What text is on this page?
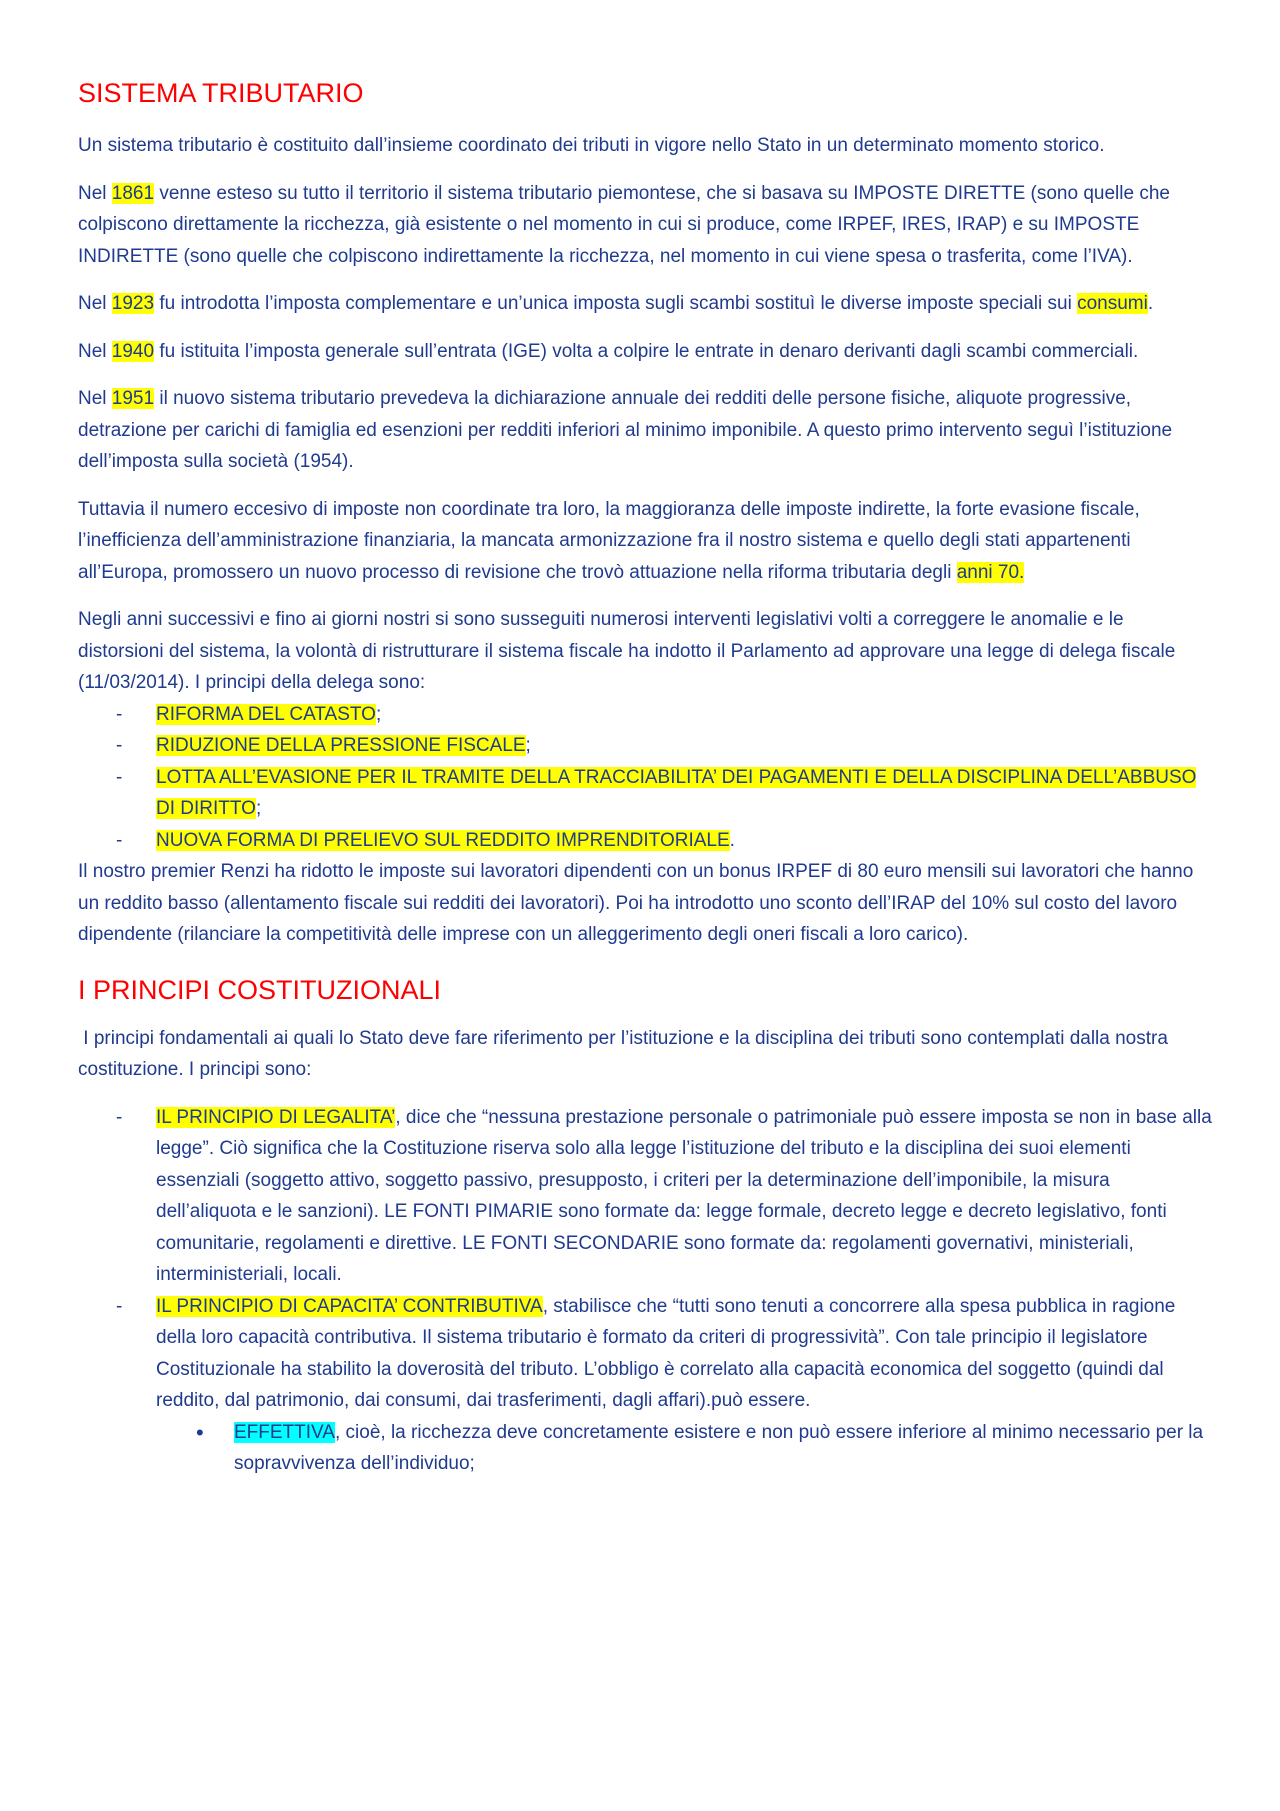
SISTEMA TRIBUTARIO

Un sistema tributario è costituito dall’insieme coordinato dei tributi in vigore nello Stato in un determinato momento storico.

Nel 1861 venne esteso su tutto il territorio il sistema tributario piemontese, che si basava su IMPOSTE DIRETTE (sono quelle che colpiscono direttamente la ricchezza, già esistente o nel momento in cui si produce, come IRPEF, IRES, IRAP) e su IMPOSTE INDIRETTE (sono quelle che colpiscono indirettamente la ricchezza, nel momento in cui viene spesa o trasferita, come l’IVA).

Nel 1923 fu introdotta l’imposta complementare e un’unica imposta sugli scambi sostituì le diverse imposte speciali sui consumi.

Nel 1940 fu istituita l’imposta generale sull’entrata (IGE) volta a colpire le entrate in denaro derivanti dagli scambi commerciali.

Nel 1951 il nuovo sistema tributario prevedeva la dichiarazione annuale dei redditi delle persone fisiche, aliquote progressive, detrazione per carichi di famiglia ed esenzioni per redditi inferiori al minimo imponibile. A questo primo intervento seguì l’istituzione dell’imposta sulla società (1954).

Tuttavia il numero eccesivo di imposte non coordinate tra loro, la maggioranza delle imposte indirette, la forte evasione fiscale, l’inefficienza dell’amministrazione finanziaria, la mancata armonizzazione fra il nostro sistema e quello degli stati appartenenti all’Europa, promossero un nuovo processo di revisione che trovò attuazione nella riforma tributaria degli anni 70.

Negli anni successivi e fino ai giorni nostri si sono susseguiti numerosi interventi legislativi volti a correggere le anomalie e le distorsioni del sistema, la volontà di ristrutturare il sistema fiscale ha indotto il Parlamento ad approvare una legge di delega fiscale (11/03/2014). I principi della delega sono:
- RIFORMA DEL CATASTO;
- RIDUZIONE DELLA PRESSIONE FISCALE;
- LOTTA ALL’EVASIONE PER IL TRAMITE DELLA TRACCIABILITA’ DEI PAGAMENTI E DELLA DISCIPLINA DELL’ABBUSO DI DIRITTO;
- NUOVA FORMA DI PRELIEVO SUL REDDITO IMPRENDITORIALE.

Il nostro premier Renzi ha ridotto le imposte sui lavoratori dipendenti con un bonus IRPEF di 80 euro mensili sui lavoratori che hanno un reddito basso (allentamento fiscale sui redditi dei lavoratori). Poi ha introdotto uno sconto dell’IRAP del 10% sul costo del lavoro dipendente (rilanciare la competitività delle imprese con un alleggerimento degli oneri fiscali a loro carico).

I PRINCIPI COSTITUZIONALI

I principi fondamentali ai quali lo Stato deve fare riferimento per l’istituzione e la disciplina dei tributi sono contemplati dalla nostra costituzione. I principi sono:

- IL PRINCIPIO DI LEGALITA’, dice che “nessuna prestazione personale o patrimoniale può essere imposta se non in base alla legge”. Ciò significa che la Costituzione riserva solo alla legge l’istituzione del tributo e la disciplina dei suoi elementi essenziali (soggetto attivo, soggetto passivo, presupposto, i criteri per la determinazione dell’imponibile, la misura dell’aliquota e le sanzioni). LE FONTI PIMARIE sono formate da: legge formale, decreto legge e decreto legislativo, fonti comunitarie, regolamenti e direttive. LE FONTI SECONDARIE sono formate da: regolamenti governativi, ministeriali, interministeriali, locali.
- IL PRINCIPIO DI CAPACITA’ CONTRIBUTIVA, stabilisce che “tutti sono tenuti a concorrere alla spesa pubblica in ragione della loro capacità contributiva. Il sistema tributario è formato da criteri di progressività”. Con tale principio il legislatore Costituzionale ha stabilito la doverosità del tributo. L’obbligo è correlato alla capacità economica del soggetto (quindi dal reddito, dal patrimonio, dai consumi, dai trasferimenti, dagli affari).può essere.
• EFFETTIVA, cioè, la ricchezza deve concretamente esistere e non può essere inferiore al minimo necessario per la sopravvivenza dell’individuo;
